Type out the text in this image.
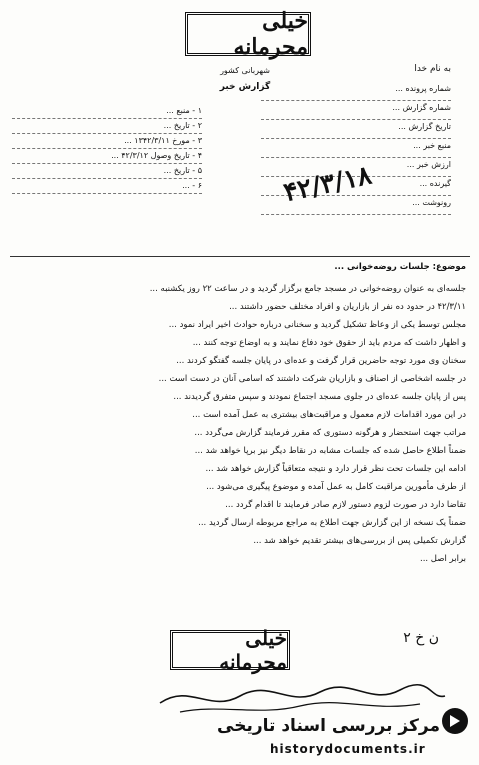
خیلی محرمانه
به نام خدا
شهربانی کشور
گزارش خبر	شماره پرونده ...
شماره گزارش ...
تاریخ گزارش ...
منبع خبر ...
ارزش خبر ...
گیرنده ...
رونوشت ...
۱ - منبع ...
۲ - تاریخ ...
۳ - مورخ ۱۳۴۲/۳/۱۱ ...
۴ - تاریخ وصول ۴۲/۳/۱۲ ...
۵ - تاریخ ...
۶ - ...	۴۲/۳/۱۸
موضوع: جلسات روضه‌خوانی ...
جلسه‌ای به عنوان روضه‌خوانی در مسجد جامع برگزار گردید و در ساعت ۲۲ روز یکشنبه ...
۴۲/۳/۱۱ در حدود ده نفر از بازاریان و افراد مختلف حضور داشتند ...
مجلس توسط یکی از وعاظ تشکیل گردید و سخنانی درباره حوادث اخیر ایراد نمود ...
و اظهار داشت که مردم باید از حقوق خود دفاع نمایند و به اوضاع توجه کنند ...
سخنان وی مورد توجه حاضرین قرار گرفت و عده‌ای در پایان جلسه گفتگو کردند ...
در جلسه اشخاصی از اصناف و بازاریان شرکت داشتند که اسامی آنان در دست است ...
پس از پایان جلسه عده‌ای در جلوی مسجد اجتماع نمودند و سپس متفرق گردیدند ...
در این مورد اقدامات لازم معمول و مراقبت‌های بیشتری به عمل آمده است ...
مراتب جهت استحضار و هرگونه دستوری که مقرر فرمایند گزارش می‌گردد ...
ضمناً اطلاع حاصل شده که جلسات مشابه در نقاط دیگر نیز برپا خواهد شد ...
ادامه این جلسات تحت نظر قرار دارد و نتیجه متعاقباً گزارش خواهد شد ...
از طرف مأمورین مراقبت کامل به عمل آمده و موضوع پیگیری می‌شود ...
تقاضا دارد در صورت لزوم دستور لازم صادر فرمایند تا اقدام گردد ...
ضمناً یک نسخه از این گزارش جهت اطلاع به مراجع مربوطه ارسال گردید ...
گزارش تکمیلی پس از بررسی‌های بیشتر تقدیم خواهد شد ...
برابر اصل ...
خیلی محرمانه
۲ ن خ
مرکز بررسی اسناد تاریخی
historydocuments.ir
